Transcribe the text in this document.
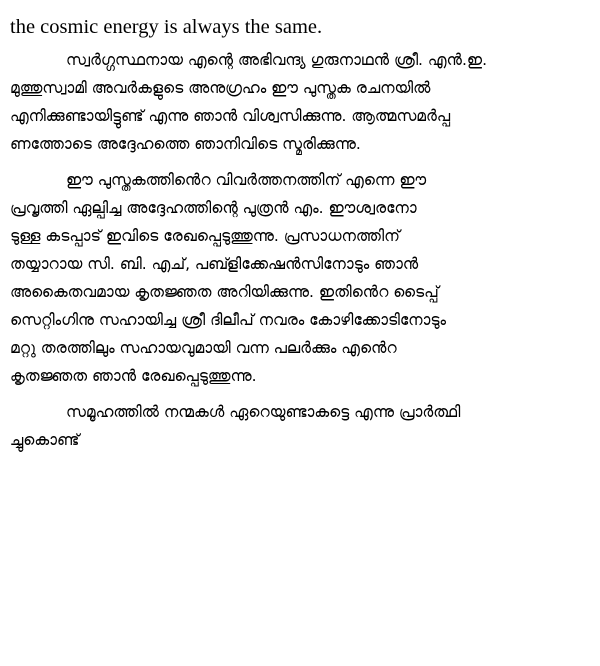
the cosmic energy is always the same.

സ്വർഗ്ഗസ്ഥനായ എന്റെ അഭിവന്ദ്യ ഗുരുനാഥൻ ശ്രീ. എൻ.ഇ.
മുത്തുസ്വാമി അവർകളുടെ അനുഗ്രഹം ഈ പുസ്തക രചനയിൽ
എനിക്കുണ്ടായിട്ടുണ്ട് എന്നു ഞാൻ വിശ്വസിക്കുന്നു. ആത്മസമർപ്പ
ണത്തോടെ അദ്ദേഹത്തെ ഞാനിവിടെ സ്മരിക്കുന്നു.

ഈ പുസ്തകത്തിൻെറ വിവർത്തനത്തിന് എന്നെ ഈ
പ്രവൃത്തി ഏല്പിച്ച അദ്ദേഹത്തിന്റെ പുത്രൻ എം. ഈശ്വരനോ
ടുള്ള കടപ്പാട് ഇവിടെ രേഖപ്പെടുത്തുന്നു. പ്രസാധനത്തിന്
തയ്യാറായ സി. ബി. എച്, പബ്ളിക്കേഷൻസിനോടും ഞാൻ
അകൈതവമായ കൃതജ്ഞത അറിയിക്കുന്നു. ഇതിൻെറ ടൈപ്പ്
സെറ്റിംഗിനു സഹായിച്ച ശ്രീ ദിലീപ് നവരം കോഴിക്കോടിനോടും
മറ്റു തരത്തിലും സഹായവുമായി വന്ന പലർക്കും എൻെറ
കൃതജ്ഞത ഞാൻ രേഖപ്പെടുത്തുന്നു.

സമൂഹത്തിൽ നന്മകൾ ഏറെയുണ്ടാകട്ടെ എന്നു പ്രാർത്ഥി
ച്ചുകൊണ്ട്
